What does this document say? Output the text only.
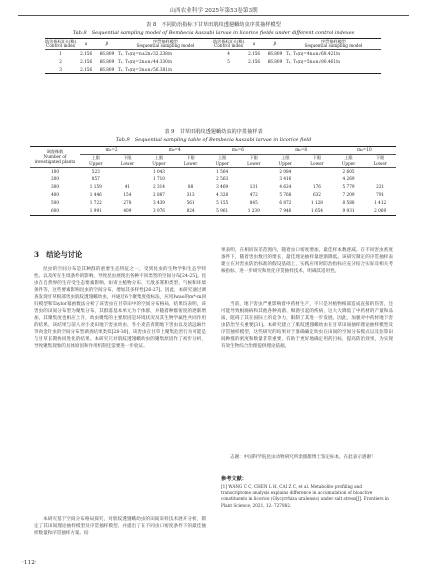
山西农业科学 2025年第53卷第3期
表 8　不同防治指标下甘草田肌纹透翅蛾幼虫序贯抽样模型
Tab.8　Sequential sampling model of Bembecia kaszabi larvae in licorice fields under different control indexes
防治指标/(头/株)	a	β	序贯抽样模型	防治指标/(头/株)	a	β	序贯抽样模型
Control index			Sequential sampling model	Control index			Sequential sampling model
1	2.156	66.809	T₁, T₂(n)=n±2n√32.238/n	4	2.156	66.809	T₁, T₂(n)=4n±n√68.421/n
2	2.156	66.809	T₁, T₂(n)=2n±n√44.330/n	5	2.156	66.809	T₁, T₂(n)=5n±n√80.461/n
3	2.156	66.809	T₁, T₂(n)=3n±n√56.381/n				
表 9　甘草田肌纹透翅蛾幼虫的序贯抽样表
Tab.9　Sequential sampling table of Bembecia kaszabi larvae in licorice field
调查株数
Number of investigated plants	m₀=2		m₀=4		m₀=6		m₀=8		m₀=10	
	上限	下限	上限	下限	上限	下限	上限	下限	上限	下限
	Upper	Lower	Upper	Lower	Upper	Lower	Upper	Lower	Upper	Lower
100	523		1 043		1 564		2 084		2 605	
200	857		1 710		2 563		3 416		4 269	
300	1 159	41	2 314	88	3 469	131	4 624	176	5 779	221
400	1 446	154	2 887	313	4 328	472	5 768	632	7 209	791
500	1 722	278	3 439	561	5 155	845	6 872	1 128	8 588	1 412
600	1 991	409	3 976	824	5 961	1 239	7 946	1 654	9 931	2 069
3　结论与讨论
昆虫的空间分布是其种群的重要生态特征之一，受到昆虫的生物学和生态学特性、以及所在生境条件的影响，导致昆虫展现出各种不同类型的空间分布[24-25]。昆虫在自然界的生存受生态要素影响，如寄主植物分布、天敌多寡和类型、气候和环境条件等，这些要素影响昆虫的空间分布，增加其多样性[26-27]。因此，本研究通过调查发现甘草根部害虫肌纹透翅蛾幼虫，并通过6个聚集度指标法，应用Iwao的m*-m回归模型和Taylor幂函数法分析了该害虫在甘草田中的空间分布格局，结果均表明，该害虫的田间分布型为聚集分布，其群落基本单元为个体群，并随着种群密度的逐渐增加，其聚集度也相应上升，幼虫聚集的主要原因是环境状况及其生物学属性共同作用的结果。该结果与前人对小麦田地下害虫幼虫、冬小麦苗青期地下害虫以及清远麻竹笋肉金针虫的空间分布型调查结果类似[28-30]，该害虫在甘草上聚集危害行为可能是与甘草长期协同进化的结果。本研究只对肌纹透翅蛾幼虫的聚集原因作了初步分析，导致聚集现象的具体原因和作用机制还需要进一步验证。
本研究基于空间分布格局探究，对肌纹透翅蛾幼虫的田间采样技术展开分析，制定了其田间理论抽样模型及序贯抽样模型，并提出了在不同虫口密度条件下的最佳抽样数量和序贯抽样方案。结
果表明，在相同误差范围内，随着虫口密度增加，最佳样本数逐减。在不同害虫密度条件下，随着害虫数目的增长，最佳理论抽样量逐渐降低。该研究制定的序贯抽样表建立在对害虫防治标准的假设基础上，实践应用时防治指标应充分结合实际及相关考核指标，进一步研究和优化序贯抽样技术，明确其适用性。
当前，地下害虫严重影响着中药材生产，不只是对植物根部造成直接的伤害，还可能导致根腐病和其他各种真菌、细菌引起的疾病，这大大降低了中药材的产量和品质，阻碍了其在国际上的竞争力，限制了其进一步发展。因此，加强对中药材地下害虫防治至关重要[31]。本研究建立了肌纹透翅蛾幼虫在甘草田间抽样理论抽样模型及序贯抽样模型，这些研究的结果对于准确确定幼虫在田间的空间分布模式以及估算田间种群的密度和数量非常重要，有助于更好地确定用药目标，提高防治效果，为实现有效生物综合治理提供理论依据。
志谢：中国科学院昆虫动物研究所余甜甜博士鉴定标本，在此表示感谢！
参考文献：
[1] WANG C C, CHEN L H, CAI Z C, et al. Metabolite profiling and transcriptome analysis explains difference in accumulation of bioactive constituents in licorice (Glycyrrhiza uralensis) under salt stress[J]. Frontiers in Plant Science, 2021, 12: 727882.
·112·
